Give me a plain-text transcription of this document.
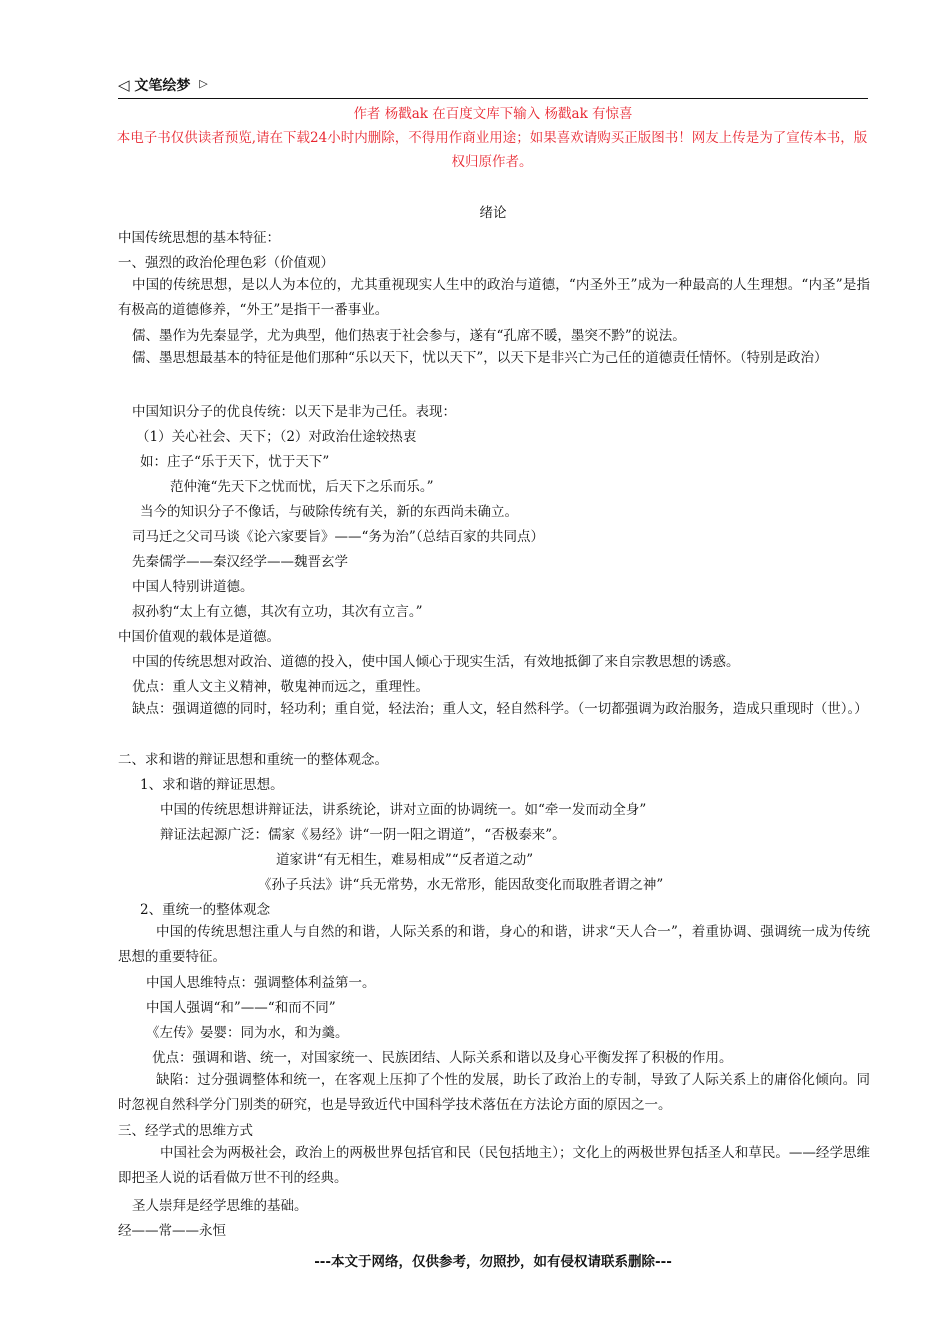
◁ 文笔绘梦 ▷
作者 杨戳ak 在百度文库下输入 杨戳ak 有惊喜
本电子书仅供读者预览,请在下载24小时内删除，不得用作商业用途；如果喜欢请购买正版图书！网友上传是为了宣传本书，版权归原作者。
绪论
中国传统思想的基本特征：
一、强烈的政治伦理色彩（价值观）
中国的传统思想，是以人为本位的，尤其重视现实人生中的政治与道德，“内圣外王”成为一种最高的人生理想。“内圣”是指有极高的道德修养，“外王”是指干一番事业。
儒、墨作为先秦显学，尤为典型，他们热衷于社会参与，遂有“孔席不暖，墨突不黔”的说法。
儒、墨思想最基本的特征是他们那种“乐以天下，忧以天下”，以天下是非兴亡为己任的道德责任情怀。（特别是政治）
中国知识分子的优良传统：以天下是非为己任。表现：
（1）关心社会、天下；（2）对政治仕途较热衷
如：庄子“乐于天下，忧于天下”
范仲淹“先天下之忧而忧，后天下之乐而乐。”
当今的知识分子不像话，与破除传统有关，新的东西尚未确立。
司马迁之父司马谈《论六家要旨》——“务为治”（总结百家的共同点）
先秦儒学——秦汉经学——魏晋玄学
中国人特别讲道德。
叔孙豹“太上有立德，其次有立功，其次有立言。”
中国价值观的载体是道德。
中国的传统思想对政治、道德的投入，使中国人倾心于现实生活，有效地抵御了来自宗教思想的诱惑。
优点：重人文主义精神，敬鬼神而远之，重理性。
缺点：强调道德的同时，轻功利；重自觉，轻法治；重人文，轻自然科学。（一切都强调为政治服务，造成只重现时（世）。）
二、求和谐的辩证思想和重统一的整体观念。
1、求和谐的辩证思想。
中国的传统思想讲辩证法，讲系统论，讲对立面的协调统一。如“牵一发而动全身”
辩证法起源广泛：儒家《易经》讲“一阴一阳之谓道”，“否极泰来”。
道家讲“有无相生，难易相成”“反者道之动”
《孙子兵法》讲“兵无常势，水无常形，能因敌变化而取胜者谓之神”
2、重统一的整体观念
中国的传统思想注重人与自然的和谐，人际关系的和谐，身心的和谐，讲求“天人合一”，着重协调、强调统一成为传统思想的重要特征。
中国人思维特点：强调整体利益第一。
中国人强调“和”——“和而不同”
《左传》晏婴：同为水，和为羹。
优点：强调和谐、统一，对国家统一、民族团结、人际关系和谐以及身心平衡发挥了积极的作用。
缺陷：过分强调整体和统一，在客观上压抑了个性的发展，助长了政治上的专制，导致了人际关系上的庸俗化倾向。同时忽视自然科学分门别类的研究，也是导致近代中国科学技术落伍在方法论方面的原因之一。
三、经学式的思维方式
中国社会为两极社会，政治上的两极世界包括官和民（民包括地主）；文化上的两极世界包括圣人和草民。——经学思维即把圣人说的话看做万世不刊的经典。
圣人崇拜是经学思维的基础。
经——常——永恒
---本文于网络，仅供参考，勿照抄，如有侵权请联系删除---
